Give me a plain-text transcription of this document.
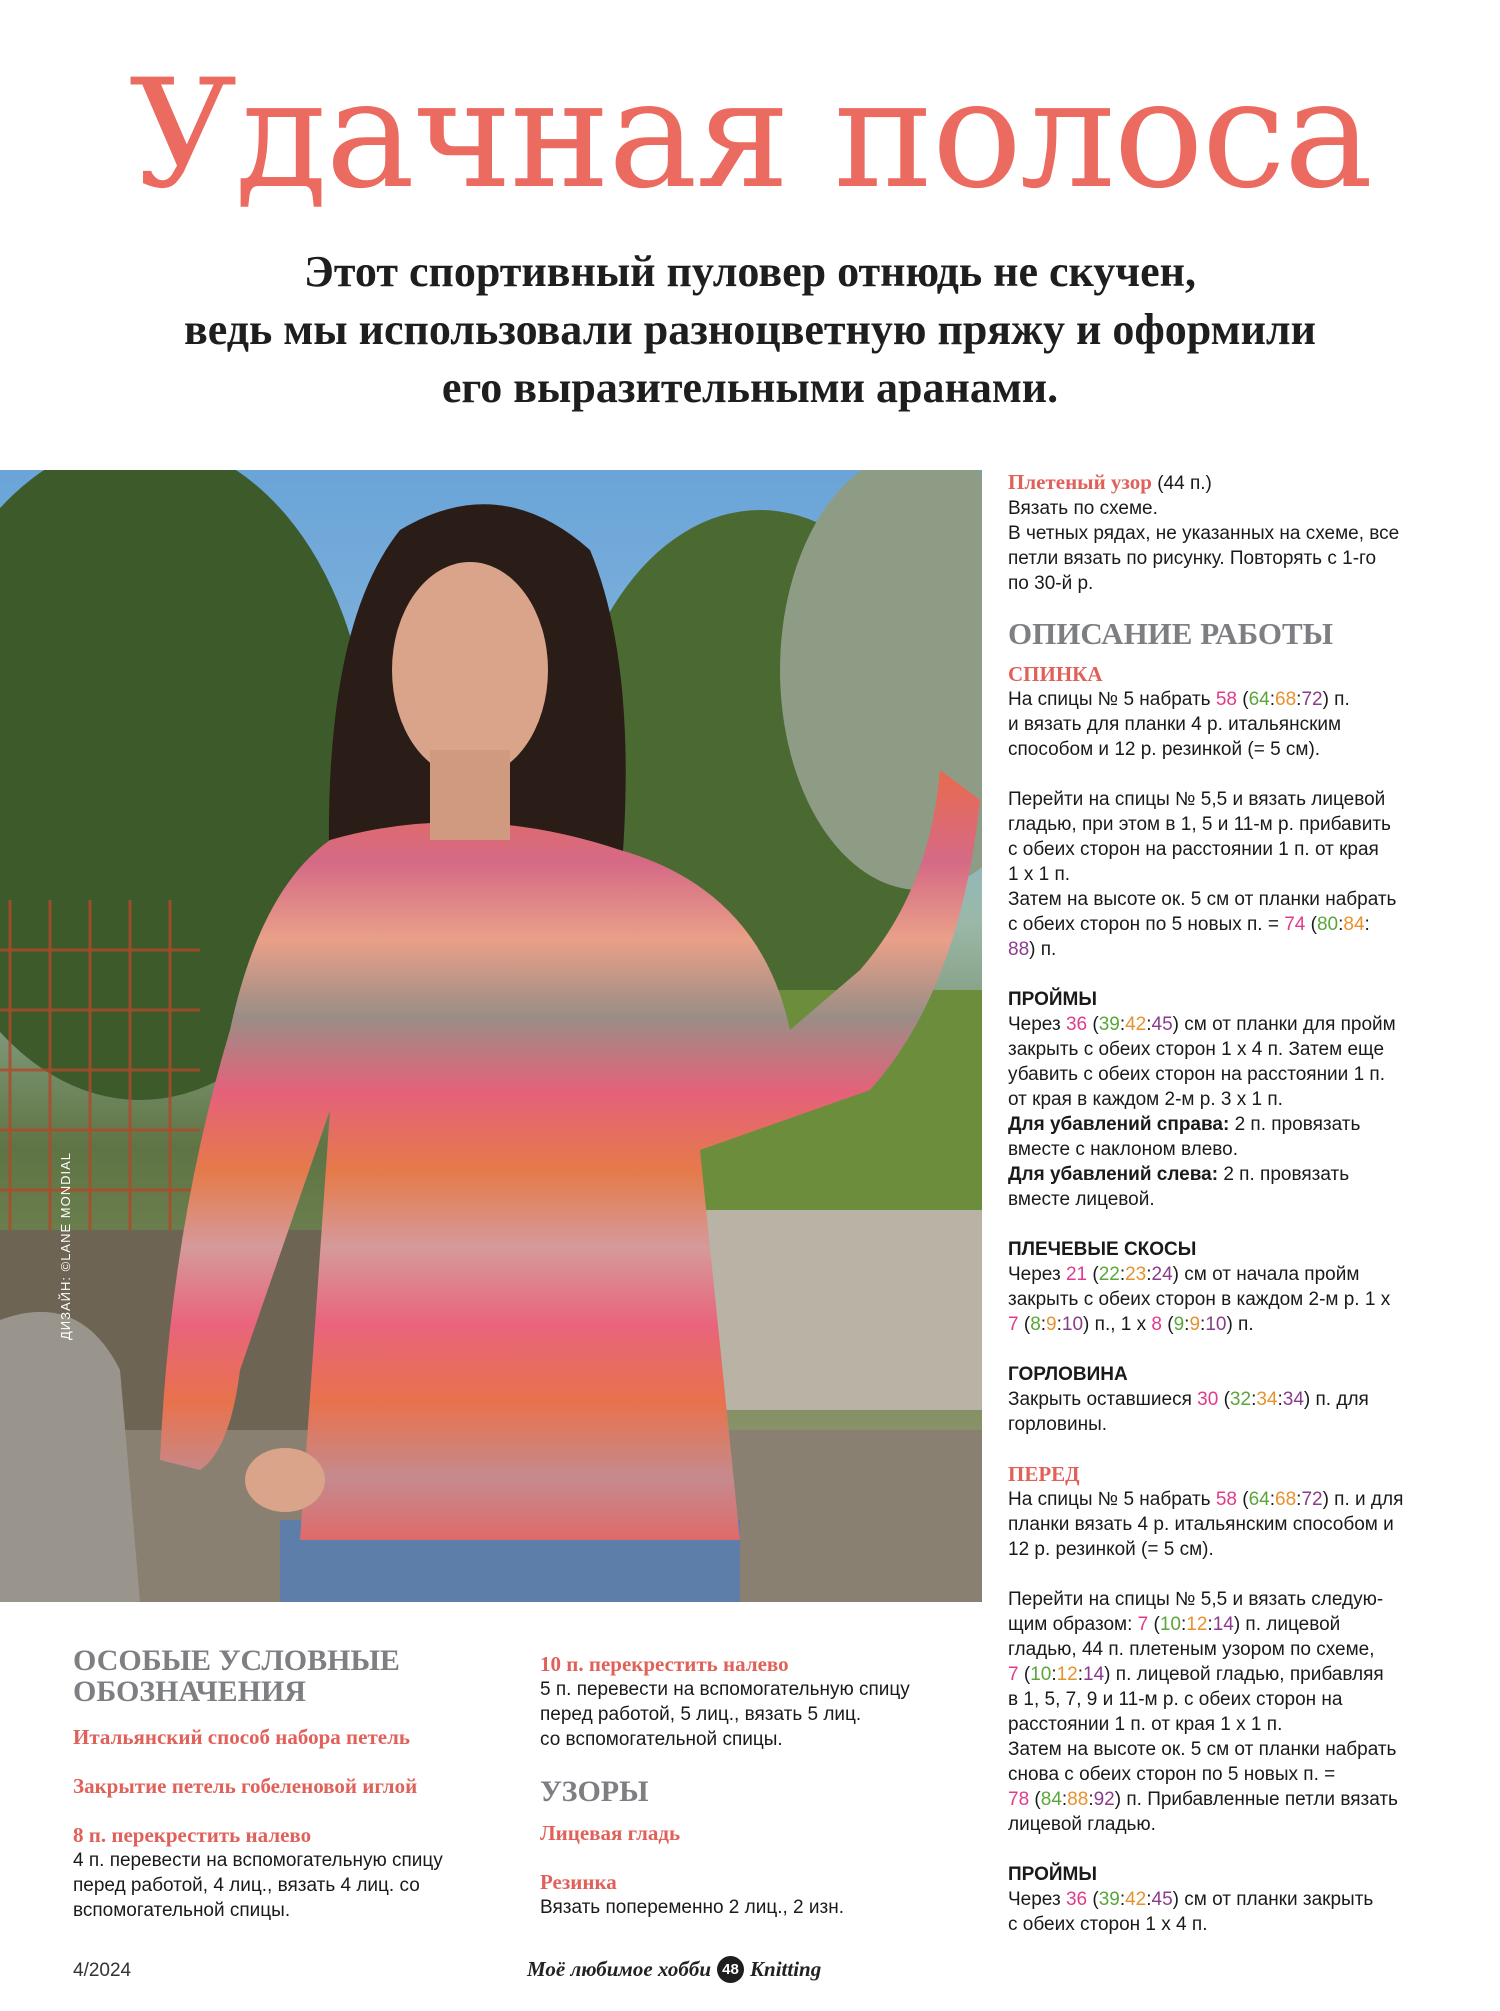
Удачная полоса
Этот спортивный пуловер отнюдь не скучен,
ведь мы использовали разноцветную пряжу и оформили
его выразительными аранами.
ДИЗАЙН: ©LANE MONDIAL

Плетеный узор (44 п.)

Вязать по схеме.

В четных рядах, не указанных на схеме, все

петли вязать по рисунку. Повторять с 1-го

по 30-й р.

ОПИСАНИЕ РАБОТЫ

СПИНКА

На спицы № 5 набрать 58 (64:68:72) п.

и вязать для планки 4 р. итальянским

способом и 12 р. резинкой (= 5 см).

Перейти на спицы № 5,5 и вязать лицевой

гладью, при этом в 1, 5 и 11-м р. прибавить

с обеих сторон на расстоянии 1 п. от края

1 х 1 п.

Затем на высоте ок. 5 см от планки набрать

с обеих сторон по 5 новых п. = 74 (80:84:

88) п.

ПРОЙМЫ

Через 36 (39:42:45) см от планки для пройм

закрыть с обеих сторон 1 х 4 п. Затем еще

убавить с обеих сторон на расстоянии 1 п.

от края в каждом 2-м р. 3 х 1 п.

Для убавлений справа: 2 п. провязать

вместе с наклоном влево.

Для убавлений слева: 2 п. провязать

вместе лицевой.

ПЛЕЧЕВЫЕ СКОСЫ

Через 21 (22:23:24) см от начала пройм

закрыть с обеих сторон в каждом 2-м р. 1 х

7 (8:9:10) п., 1 х 8 (9:9:10) п.

ГОРЛОВИНА

Закрыть оставшиеся 30 (32:34:34) п. для

горловины.

ПЕРЕД

На спицы № 5 набрать 58 (64:68:72) п. и для

планки вязать 4 р. итальянским способом и

12 р. резинкой (= 5 см).

Перейти на спицы № 5,5 и вязать следую-

щим образом: 7 (10:12:14) п. лицевой

гладью, 44 п. плетеным узором по схеме,

7 (10:12:14) п. лицевой гладью, прибавляя

в 1, 5, 7, 9 и 11-м р. с обеих сторон на

расстоянии 1 п. от края 1 х 1 п.

Затем на высоте ок. 5 см от планки набрать

снова с обеих сторон по 5 новых п. =

78 (84:88:92) п. Прибавленные петли вязать

лицевой гладью.

ПРОЙМЫ

Через 36 (39:42:45) см от планки закрыть

с обеих сторон 1 х 4 п.

ОСОБЫЕ УСЛОВНЫЕ

ОБОЗНАЧЕНИЯ

Итальянский способ набора петель

Закрытие петель гобеленовой иглой

8 п. перекрестить налево

4 п. перевести на вспомогательную спицу

перед работой, 4 лиц., вязать 4 лиц. со

вспомогательной спицы.

10 п. перекрестить налево

5 п. перевести на вспомогательную спицу

перед работой, 5 лиц., вязать 5 лиц.

со вспомогательной спицы.

УЗОРЫ

Лицевая гладь

Резинка

Вязать попеременно 2 лиц., 2 изн.

4/2024	Моё любимое хобби 48 Knitting
